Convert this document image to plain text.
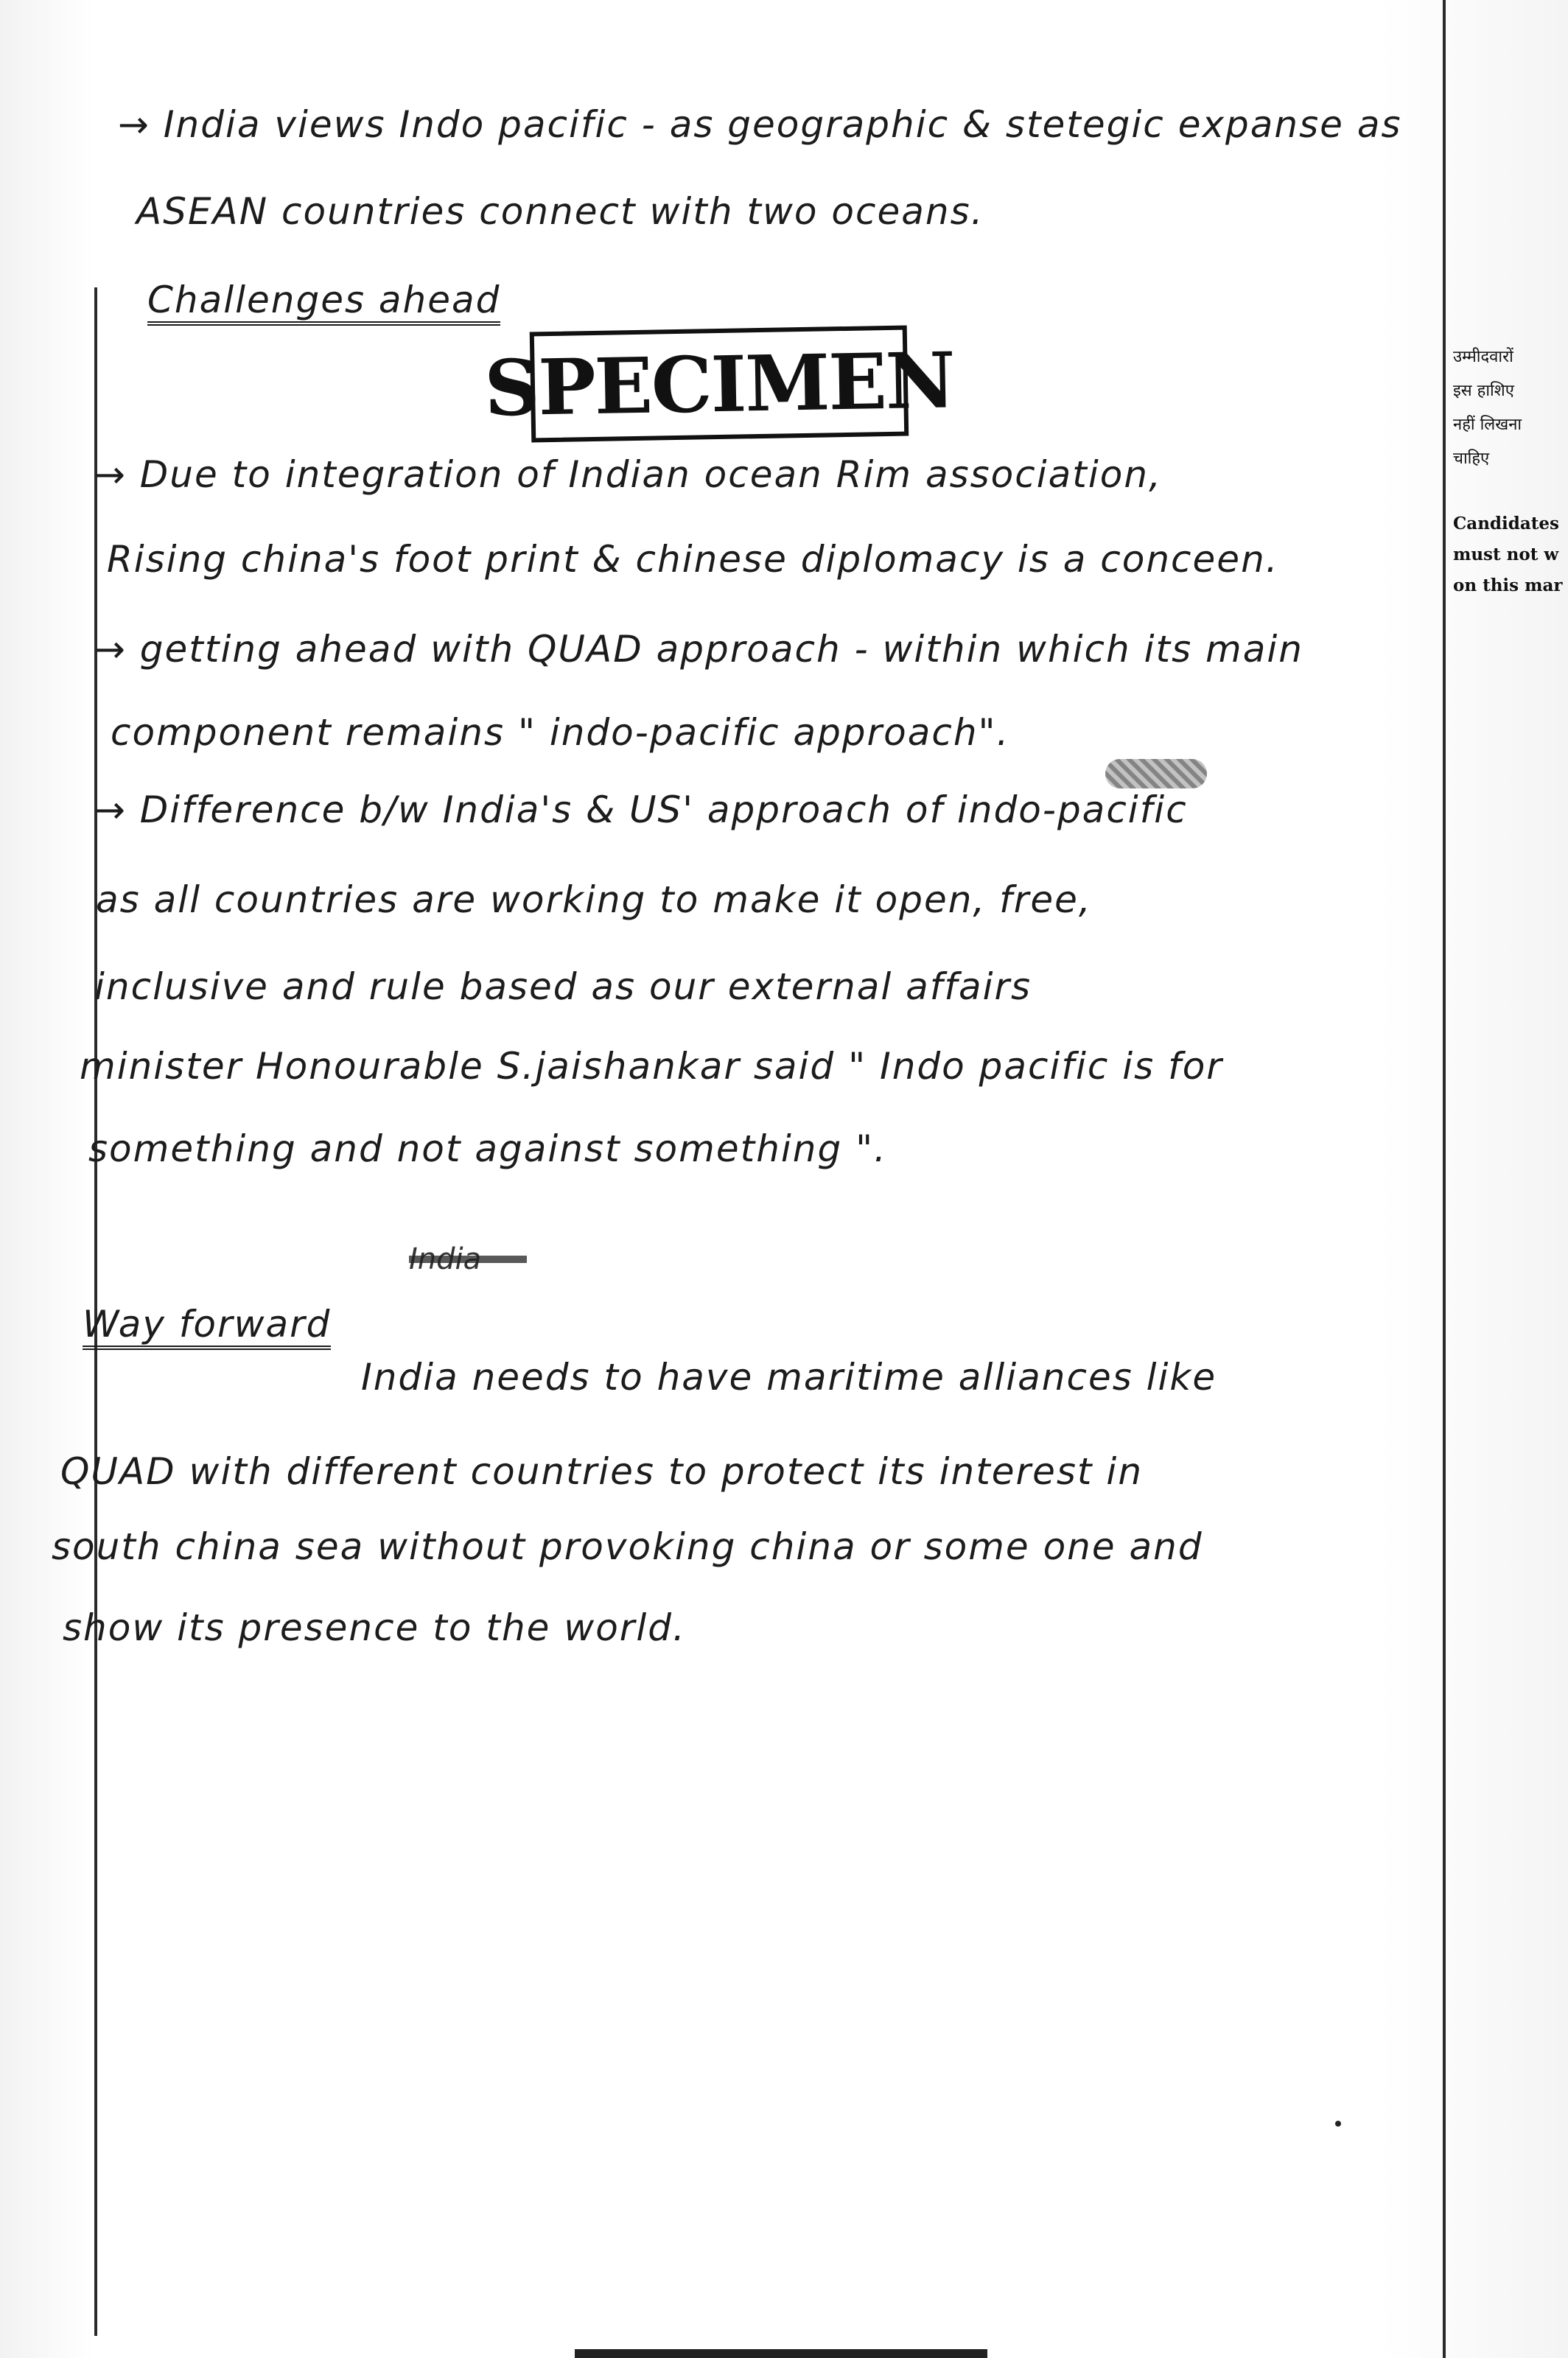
→ India views Indo pacific - as geographic & stetegic expanse as
ASEAN countries connect with two oceans.
Challenges ahead
SPECIMEN
→ Due to integration of Indian ocean Rim association,
Rising china's foot print & chinese diplomacy is a conceen.
→ getting ahead with QUAD approach - within which its main
component remains " indo-pacific approach".
→ Difference b/w India's & US' approach of indo-pacific
as all countries are working to make it open, free,
inclusive and rule based as our external affairs
minister Honourable S.jaishankar said " Indo pacific is for
something and not against something ".
Way forward
India needs to have maritime alliances like
QUAD with different countries to protect its interest in
south china sea without provoking china or some one and
show its presence to the world.
उम्मीदवारों
इस हाशिए
नहीं लिखना
चाहिए
Candidates
must not w
on this mar
